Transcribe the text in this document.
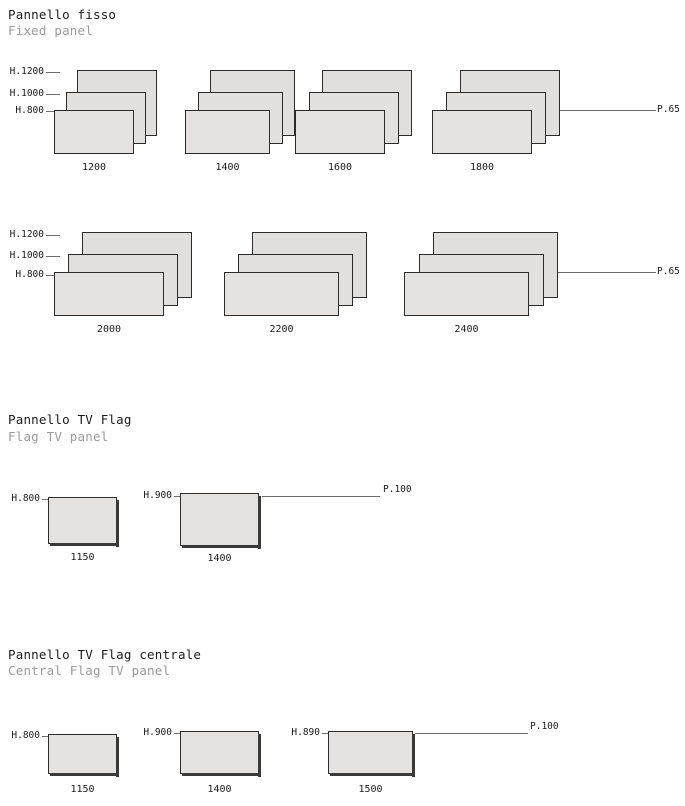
Pannello fisso
Fixed panel
H.1200
H.1000
H.800
1200	1400	1600	1800
P.65
H.1200
H.1000
H.800
2000	2200	2400
P.65
Pannello TV Flag
Flag TV panel
H.800
1150
H.900
1400
P.100
Pannello TV Flag centrale
Central Flag TV panel
H.800
1150
H.900
1400
H.890
1500
P.100
